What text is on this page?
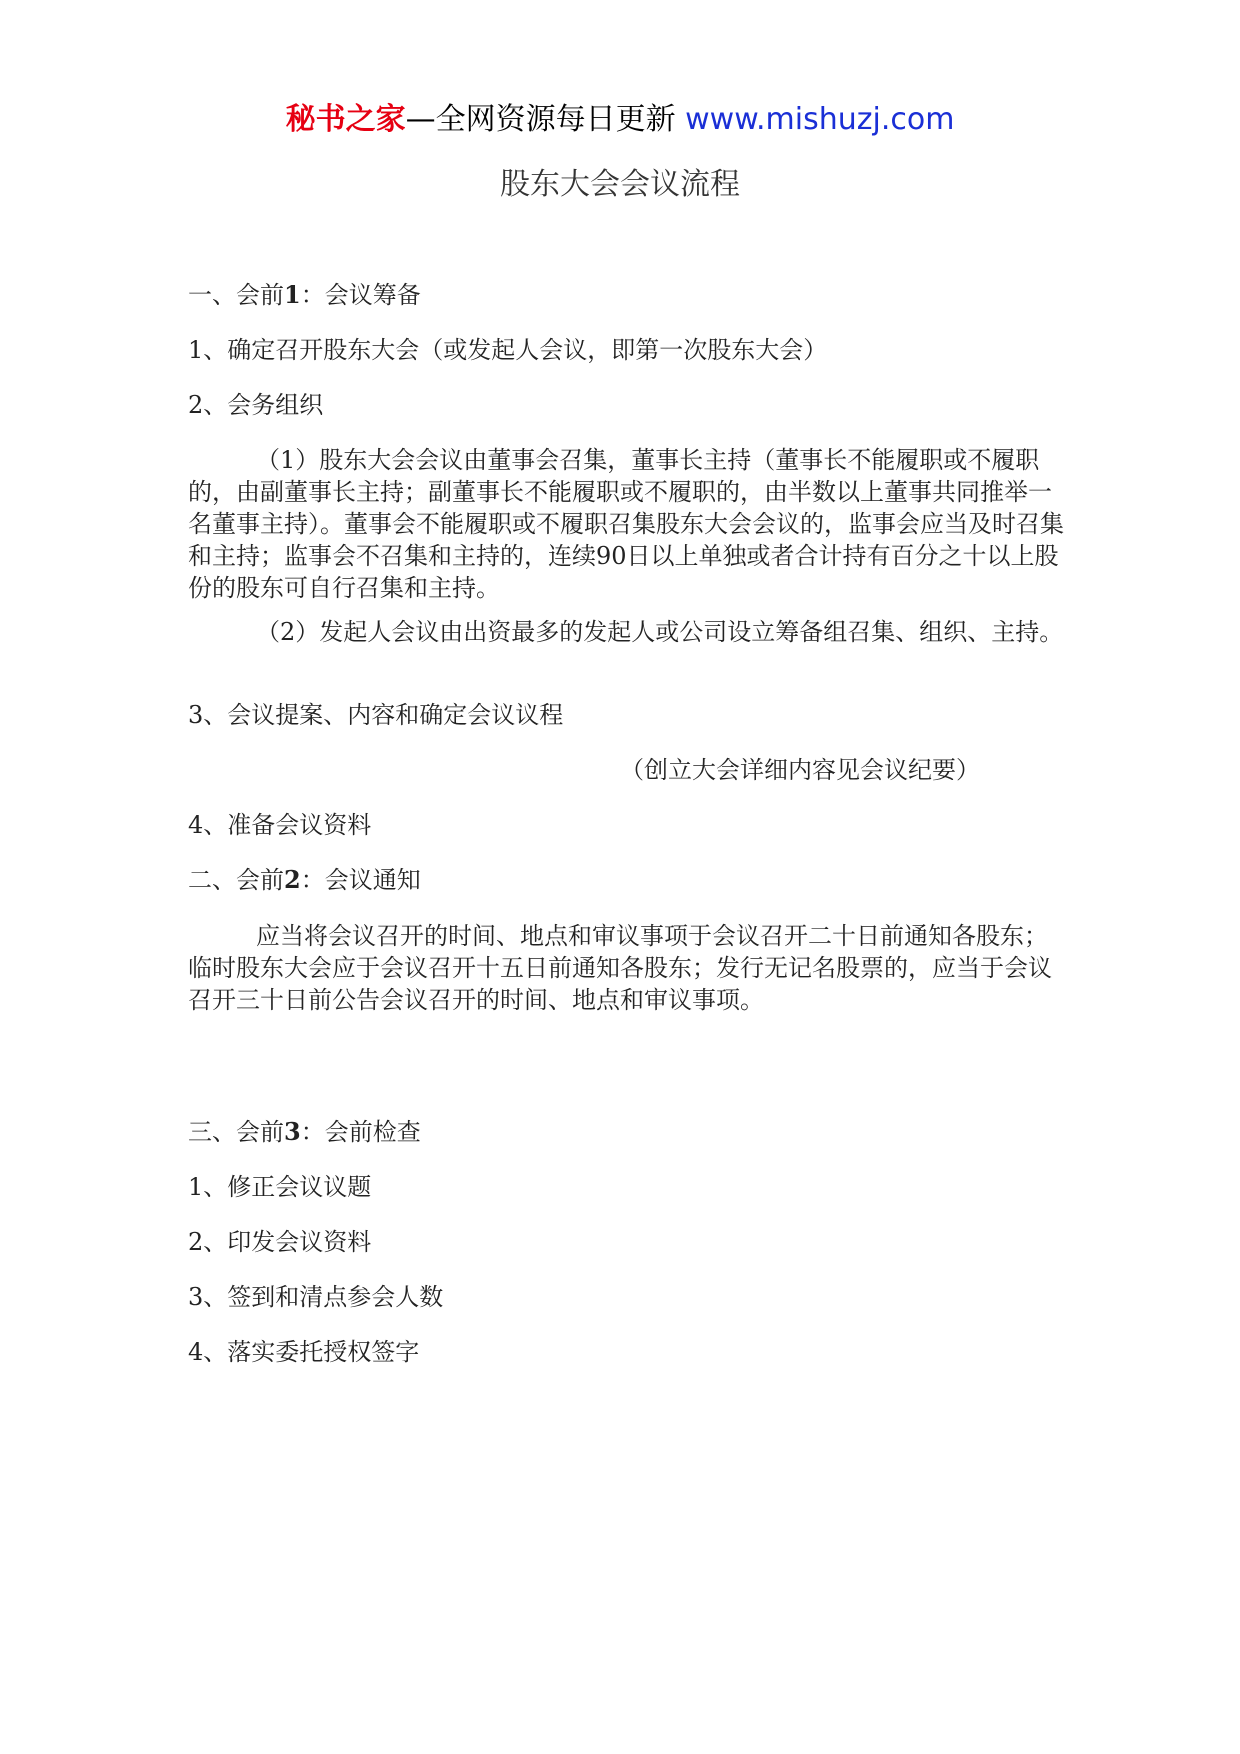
秘书之家—全网资源每日更新 www.mishuzj.com
股东大会会议流程
一、会前1：会议筹备
1、确定召开股东大会（或发起人会议，即第一次股东大会）
2、会务组织
（1）股东大会会议由董事会召集，董事长主持（董事长不能履职或不履职的，由副董事长主持；副董事长不能履职或不履职的，由半数以上董事共同推举一名董事主持）。董事会不能履职或不履职召集股东大会会议的，监事会应当及时召集和主持；监事会不召集和主持的，连续90日以上单独或者合计持有百分之十以上股份的股东可自行召集和主持。
（2）发起人会议由出资最多的发起人或公司设立筹备组召集、组织、主持。
3、会议提案、内容和确定会议议程
（创立大会详细内容见会议纪要）
4、准备会议资料
二、会前2：会议通知
应当将会议召开的时间、地点和审议事项于会议召开二十日前通知各股东；临时股东大会应于会议召开十五日前通知各股东；发行无记名股票的，应当于会议召开三十日前公告会议召开的时间、地点和审议事项。
三、会前3：会前检查
1、修正会议议题
2、印发会议资料
3、签到和清点参会人数
4、落实委托授权签字
